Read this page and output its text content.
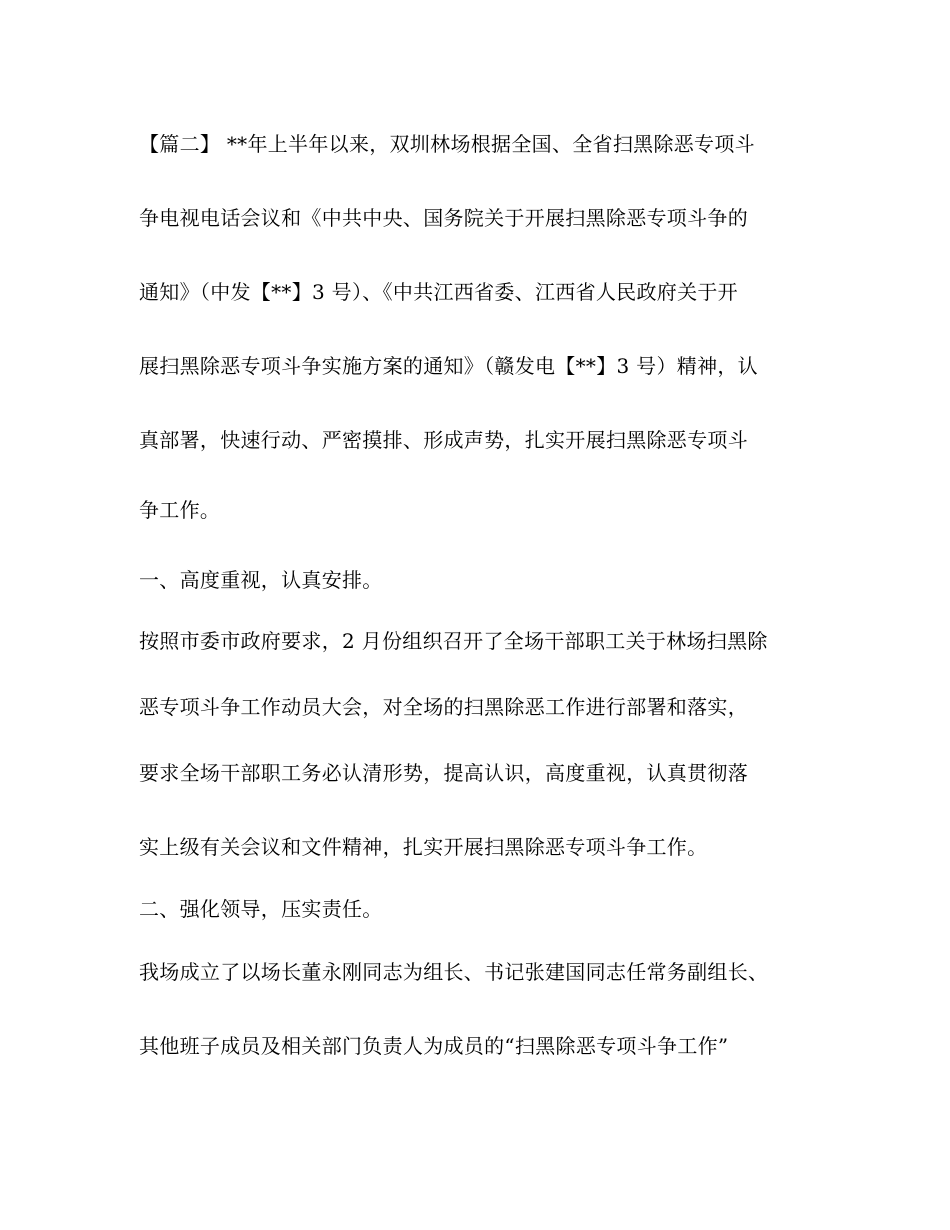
【篇二】 **年上半年以来，双圳林场根据全国、全省扫黑除恶专项斗
争电视电话会议和《中共中央、国务院关于开展扫黑除恶专项斗争的
通知》（中发【**】3 号）、《中共江西省委、江西省人民政府关于开
展扫黑除恶专项斗争实施方案的通知》（赣发电【**】3 号）精神，认
真部署，快速行动、严密摸排、形成声势，扎实开展扫黑除恶专项斗
争工作。
一、高度重视，认真安排。
按照市委市政府要求，2 月份组织召开了全场干部职工关于林场扫黑除
恶专项斗争工作动员大会，对全场的扫黑除恶工作进行部署和落实，
要求全场干部职工务必认清形势，提高认识，高度重视，认真贯彻落
实上级有关会议和文件精神，扎实开展扫黑除恶专项斗争工作。
二、强化领导，压实责任。
我场成立了以场长董永刚同志为组长、书记张建国同志任常务副组长、
其他班子成员及相关部门负责人为成员的“扫黑除恶专项斗争工作”
